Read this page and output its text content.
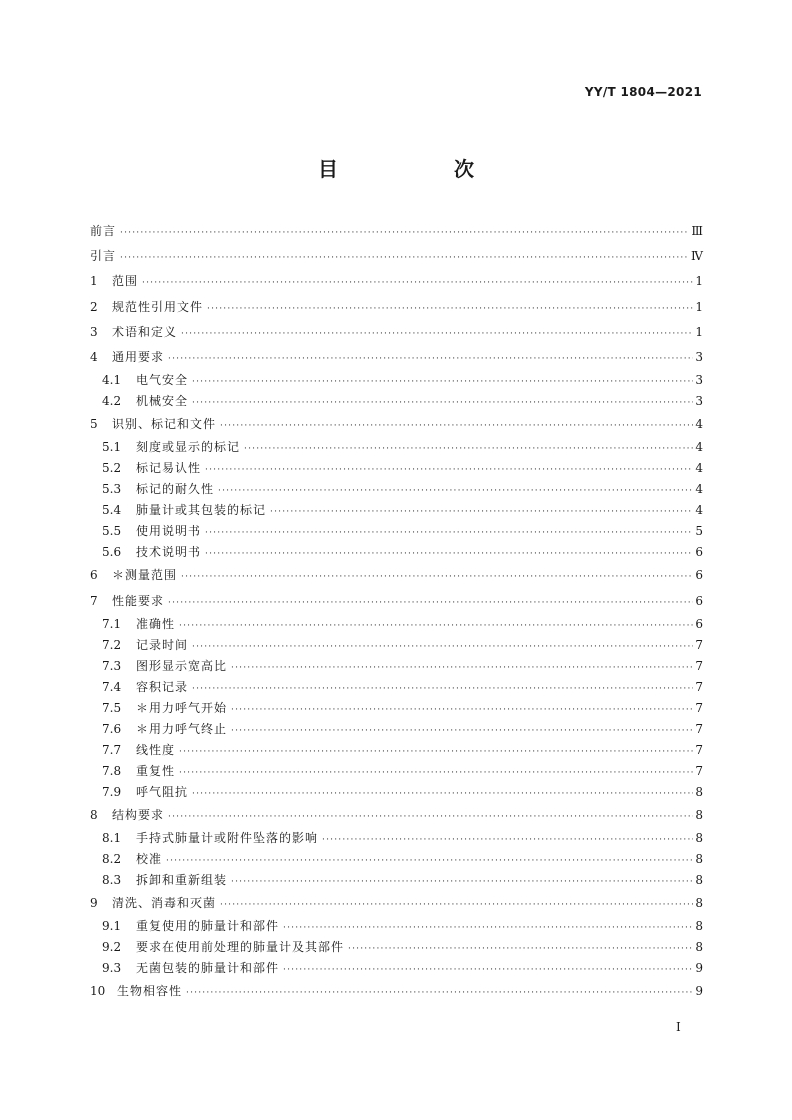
YY/T 1804—2021
目　次
前言 ·····	Ⅲ
引言 ·····	Ⅳ
1	范围 ·····	1
2	规范性引用文件 ·····	1
3	术语和定义 ·····	1
4	通用要求 ·····	3
4.1	电气安全 ·····	3
4.2	机械安全 ·····	3
5	识别、标记和文件 ·····	4
5.1	刻度或显示的标记 ·····	4
5.2	标记易认性 ·····	4
5.3	标记的耐久性 ·····	4
5.4	肺量计或其包装的标记 ·····	4
5.5	使用说明书 ·····	5
5.6	技术说明书 ·····	6
6	＊测量范围 ·····	6
7	性能要求 ·····	6
7.1	准确性 ·····	6
7.2	记录时间 ·····	7
7.3	图形显示宽高比 ·····	7
7.4	容积记录 ·····	7
7.5	＊用力呼气开始 ·····	7
7.6	＊用力呼气终止 ·····	7
7.7	线性度 ·····	7
7.8	重复性 ·····	7
7.9	呼气阻抗 ·····	8
8	结构要求 ·····	8
8.1	手持式肺量计或附件坠落的影响 ·····	8
8.2	校准 ·····	8
8.3	拆卸和重新组装 ·····	8
9	清洗、消毒和灭菌 ·····	8
9.1	重复使用的肺量计和部件 ·····	8
9.2	要求在使用前处理的肺量计及其部件 ·····	8
9.3	无菌包装的肺量计和部件 ·····	9
10 生物相容性 ·····	9
Ⅰ
